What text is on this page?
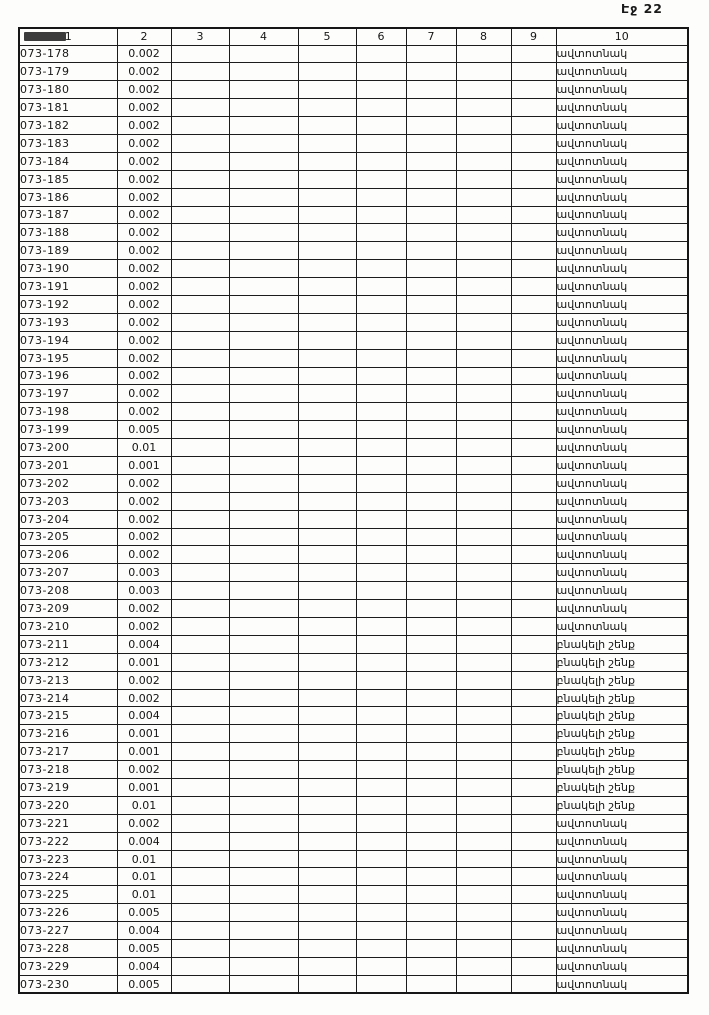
Էջ 22
1	2	3	4	5	6	7	8	9	10
073-178	0.002								ավտոտնակ
073-179	0.002								ավտոտնակ
073-180	0.002								ավտոտնակ
073-181	0.002								ավտոտնակ
073-182	0.002								ավտոտնակ
073-183	0.002								ավտոտնակ
073-184	0.002								ավտոտնակ
073-185	0.002								ավտոտնակ
073-186	0.002								ավտոտնակ
073-187	0.002								ավտոտնակ
073-188	0.002								ավտոտնակ
073-189	0.002								ավտոտնակ
073-190	0.002								ավտոտնակ
073-191	0.002								ավտոտնակ
073-192	0.002								ավտոտնակ
073-193	0.002								ավտոտնակ
073-194	0.002								ավտոտնակ
073-195	0.002								ավտոտնակ
073-196	0.002								ավտոտնակ
073-197	0.002								ավտոտնակ
073-198	0.002								ավտոտնակ
073-199	0.005								ավտոտնակ
073-200	0.01								ավտոտնակ
073-201	0.001								ավտոտնակ
073-202	0.002								ավտոտնակ
073-203	0.002								ավտոտնակ
073-204	0.002								ավտոտնակ
073-205	0.002								ավտոտնակ
073-206	0.002								ավտոտնակ
073-207	0.003								ավտոտնակ
073-208	0.003								ավտոտնակ
073-209	0.002								ավտոտնակ
073-210	0.002								ավտոտնակ
073-211	0.004								բնակելի շենք
073-212	0.001								բնակելի շենք
073-213	0.002								բնակելի շենք
073-214	0.002								բնակելի շենք
073-215	0.004								բնակելի շենք
073-216	0.001								բնակելի շենք
073-217	0.001								բնակելի շենք
073-218	0.002								բնակելի շենք
073-219	0.001								բնակելի շենք
073-220	0.01								բնակելի շենք
073-221	0.002								ավտոտնակ
073-222	0.004								ավտոտնակ
073-223	0.01								ավտոտնակ
073-224	0.01								ավտոտնակ
073-225	0.01								ավտոտնակ
073-226	0.005								ավտոտնակ
073-227	0.004								ավտոտնակ
073-228	0.005								ավտոտնակ
073-229	0.004								ավտոտնակ
073-230	0.005								ավտոտնակ
